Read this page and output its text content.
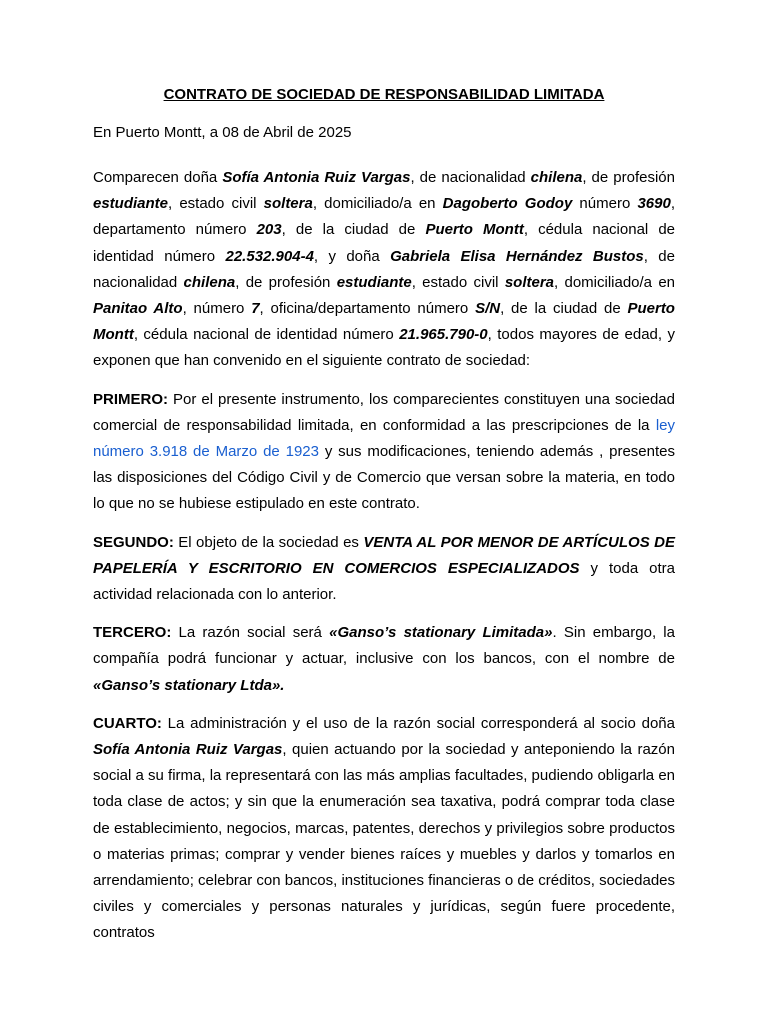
CONTRATO DE SOCIEDAD DE RESPONSABILIDAD LIMITADA

En Puerto Montt, a 08 de Abril de 2025

Comparecen doña Sofía Antonia Ruiz Vargas, de nacionalidad chilena, de profesión estudiante, estado civil soltera, domiciliado/a en Dagoberto Godoy número 3690, departamento número 203, de la ciudad de Puerto Montt, cédula nacional de identidad número 22.532.904-4, y doña Gabriela Elisa Hernández Bustos, de nacionalidad chilena, de profesión estudiante, estado civil soltera, domiciliado/a en Panitao Alto, número 7, oficina/departamento número S/N, de la ciudad de Puerto Montt, cédula nacional de identidad número 21.965.790-0, todos mayores de edad, y exponen que han convenido en el siguiente contrato de sociedad:

PRIMERO: Por el presente instrumento, los comparecientes constituyen una sociedad comercial de responsabilidad limitada, en conformidad a las prescripciones de la ley número 3.918 de Marzo de 1923 y sus modificaciones, teniendo además , presentes las disposiciones del Código Civil y de Comercio que versan sobre la materia, en todo lo que no se hubiese estipulado en este contrato.

SEGUNDO: El objeto de la sociedad es VENTA AL POR MENOR DE ARTÍCULOS DE PAPELERÍA Y ESCRITORIO EN COMERCIOS ESPECIALIZADOS y toda otra actividad relacionada con lo anterior.

TERCERO: La razón social será «Ganso’s stationary Limitada». Sin embargo, la compañía podrá funcionar y actuar, inclusive con los bancos, con el nombre de «Ganso’s stationary Ltda».

CUARTO: La administración y el uso de la razón social corresponderá al socio doña Sofía Antonia Ruiz Vargas, quien actuando por la sociedad y anteponiendo la razón social a su firma, la representará con las más amplias facultades, pudiendo obligarla en toda clase de actos; y sin que la enumeración sea taxativa, podrá comprar toda clase de establecimiento, negocios, marcas, patentes, derechos y privilegios sobre productos o materias primas; comprar y vender bienes raíces y muebles y darlos y tomarlos en arrendamiento; celebrar con bancos, instituciones financieras o de créditos, sociedades civiles y comerciales y personas naturales y jurídicas, según fuere procedente, contratos
